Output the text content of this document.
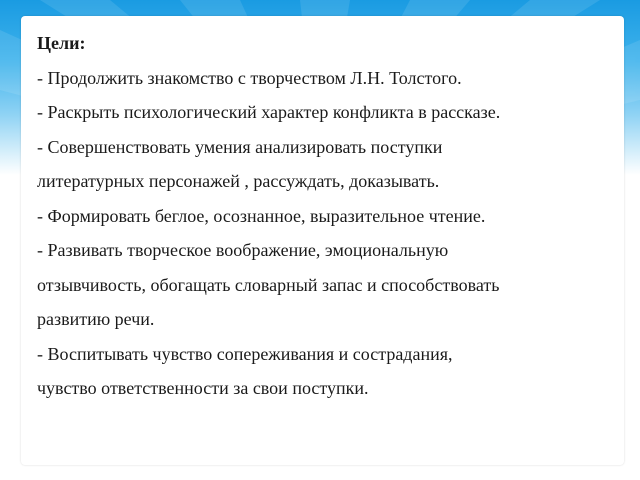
Цели:
- Продолжить знакомство с творчеством Л.Н. Толстого.
- Раскрыть психологический характер конфликта в рассказе.
- Совершенствовать умения анализировать поступки
литературных персонажей , рассуждать, доказывать.
- Формировать беглое, осознанное, выразительное чтение.
- Развивать творческое воображение, эмоциональную
отзывчивость, обогащать словарный запас и способствовать
развитию речи.
- Воспитывать чувство сопереживания и сострадания,
чувство ответственности за свои поступки.
